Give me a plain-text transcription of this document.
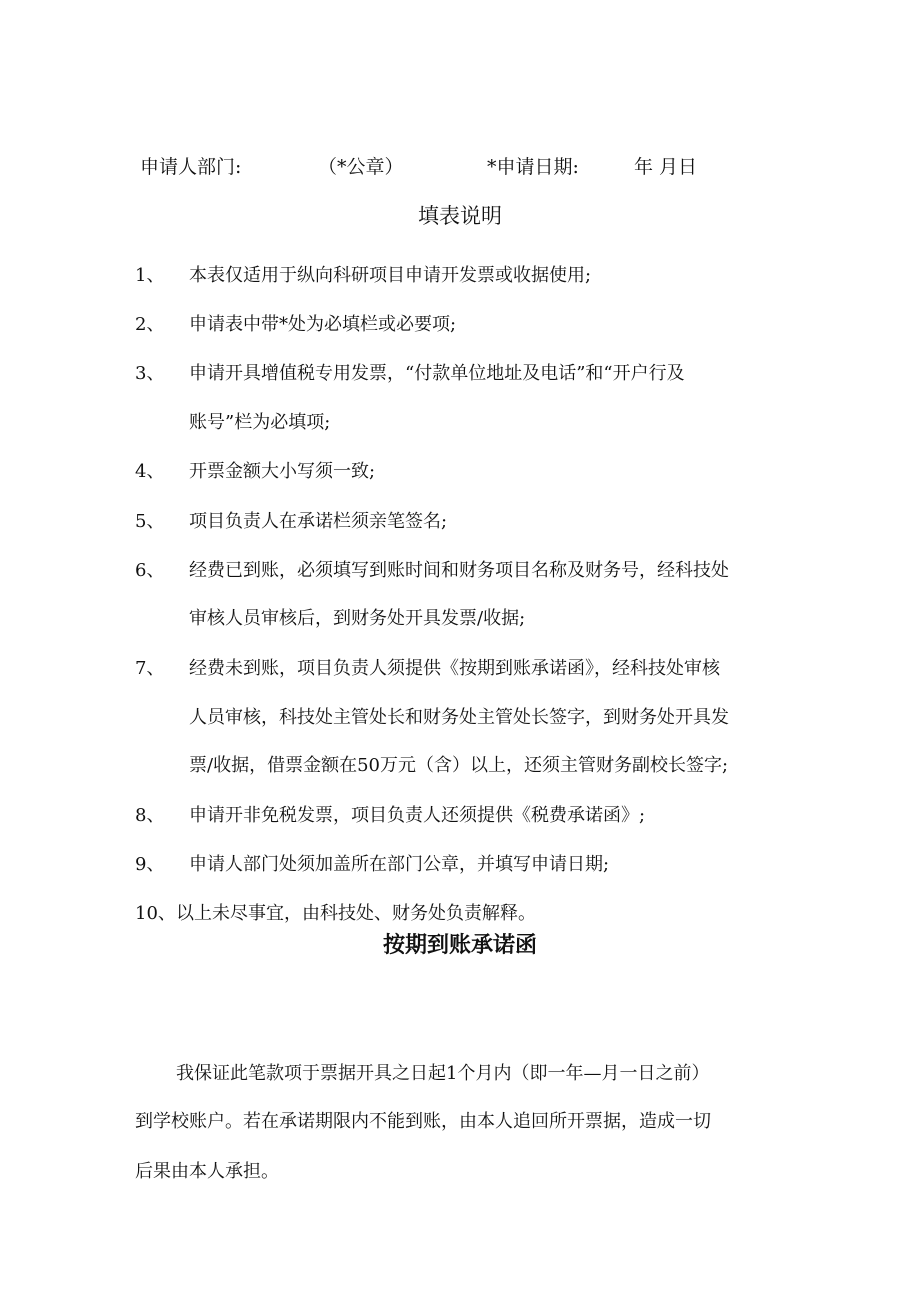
申请人部门:	（*公章）	*申请日期:	年 月日
填表说明
1、 本表仅适用于纵向科研项目申请开发票或收据使用;
2、 申请表中带*处为必填栏或必要项;
3、 申请开具增值税专用发票，“付款单位地址及电话”和“开户行及
账号”栏为必填项;
4、 开票金额大小写须一致;
5、 项目负责人在承诺栏须亲笔签名;
6、 经费已到账，必须填写到账时间和财务项目名称及财务号，经科技处
审核人员审核后，到财务处开具发票/收据;
7、 经费未到账，项目负责人须提供《按期到账承诺函》，经科技处审核
人员审核，科技处主管处长和财务处主管处长签字，到财务处开具发
票/收据，借票金额在50万元（含）以上，还须主管财务副校长签字;
8、 申请开非免税发票，项目负责人还须提供《税费承诺函》;
9、 申请人部门处须加盖所在部门公章，并填写申请日期;
10、 以上未尽事宜，由科技处、财务处负责解释。
按期到账承诺函
我保证此笔款项于票据开具之日起1个月内（即一年—月一日之前）
到学校账户。若在承诺期限内不能到账，由本人追回所开票据，造成一切
后果由本人承担。
